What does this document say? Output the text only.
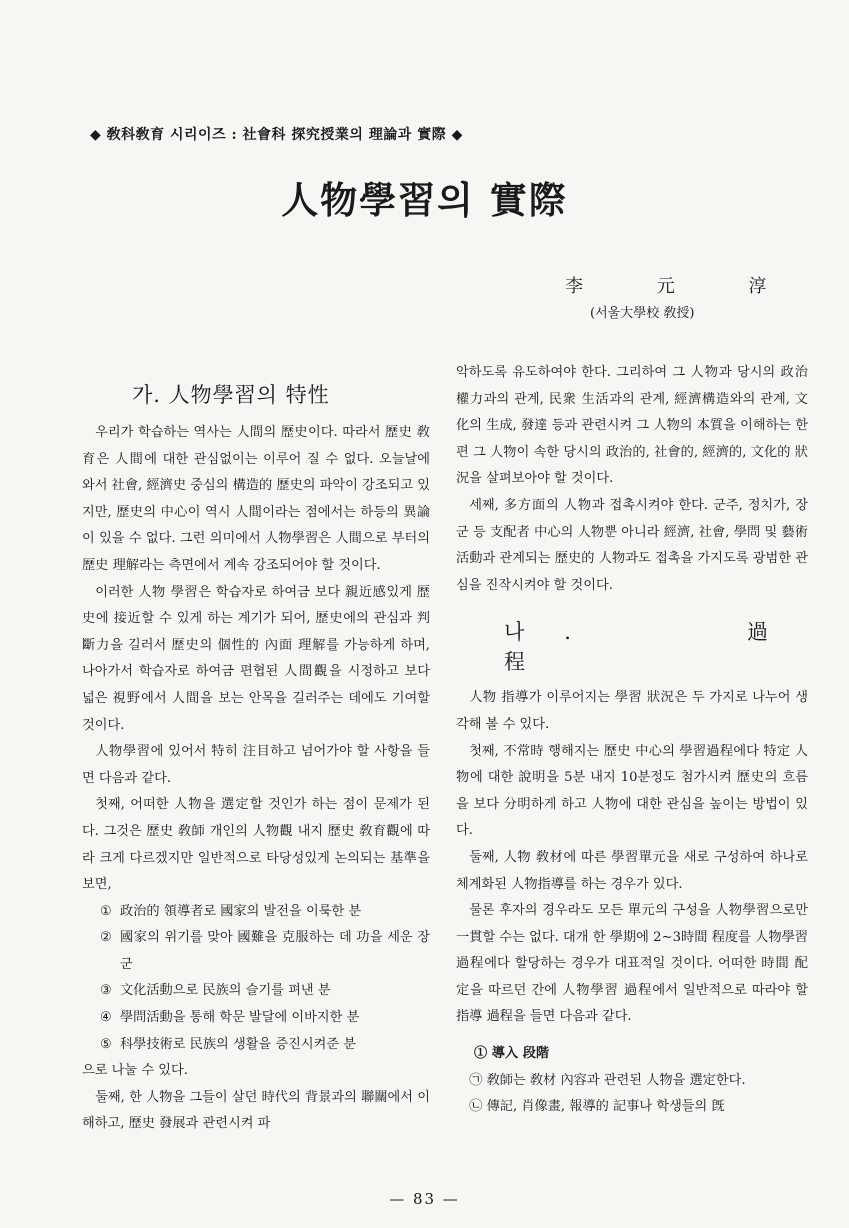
◆ 敎科敎育 시리이즈 : 社會科 探究授業의 理論과 實際 ◆
人物學習의 實際
李 元 淳
(서울大學校 敎授)
가. 人物學習의 特性

우리가 학습하는 역사는 人間의 歷史이다. 따라서 歷史 敎育은 人間에 대한 관심없이는 이루어 질 수 없다. 오늘날에 와서 社會, 經濟史 중심의 構造的 歷史의 파악이 강조되고 있지만, 歷史의 中心이 역시 人間이라는 점에서는 하등의 異論이 있을 수 없다. 그런 의미에서 人物學習은 人間으로 부터의 歷史 理解라는 측면에서 계속 강조되어야 할 것이다.

이러한 人物 學習은 학습자로 하여금 보다 親近感있게 歷史에 接近할 수 있게 하는 계기가 되어, 歷史에의 관심과 判斷力을 길러서 歷史의 個性的 內面 理解를 가능하게 하며, 나아가서 학습자로 하여금 편협된 人間觀을 시정하고 보다 넓은 視野에서 人間을 보는 안목을 길러주는 데에도 기여할 것이다.

人物學習에 있어서 特히 注目하고 넘어가야 할 사항을 들면 다음과 같다.

첫째, 어떠한 人物을 選定할 것인가 하는 점이 문제가 된다. 그것은 歷史 敎師 개인의 人物觀 내지 歷史 敎育觀에 따라 크게 다르겠지만 일반적으로 타당성있게 논의되는 基準을 보면,

① 政治的 領導者로 國家의 발전을 이룩한 분

② 國家의 위기를 맞아 國難을 克服하는 데 功을 세운 장군

③ 文化活動으로 民族의 슬기를 펴낸 분

④ 學問活動을 통해 학문 발달에 이바지한 분

⑤ 科學技術로 民族의 생활을 증진시켜준 분

으로 나눌 수 있다.

둘째, 한 人物을 그들이 살던 時代의 背景과의 聯關에서 이해하고, 歷史 發展과 관련시켜 파

악하도록 유도하여야 한다. 그리하여 그 人物과 당시의 政治 權力과의 관계, 民衆 生活과의 관계, 經濟構造와의 관계, 文化의 生成, 發達 등과 관련시켜 그 人物의 本質을 이해하는 한편 그 人物이 속한 당시의 政治的, 社會的, 經濟的, 文化的 狀況을 살펴보아야 할 것이다.

세째, 多方面의 人物과 접촉시켜야 한다. 군주, 정치가, 장군 등 支配者 中心의 人物뿐 아니라 經濟, 社會, 學問 및 藝術 活動과 관계되는 歷史的 人物과도 접촉을 가지도록 광범한 관심을 진작시켜야 할 것이다.

나. 過 程

人物 指導가 이루어지는 學習 狀況은 두 가지로 나누어 생각해 볼 수 있다.

첫째, 不常時 행해지는 歷史 中心의 學習過程에다 特定 人物에 대한 說明을 5분 내지 10분정도 첨가시켜 歷史의 흐름을 보다 分明하게 하고 人物에 대한 관심을 높이는 방법이 있다.

둘째, 人物 敎材에 따른 學習單元을 새로 구성하여 하나로 체계화된 人物指導를 하는 경우가 있다.

물론 후자의 경우라도 모든 單元의 구성을 人物學習으로만 一貫할 수는 없다. 대개 한 學期에 2∼3時間 程度를 人物學習 過程에다 할당하는 경우가 대표적일 것이다. 어떠한 時間 配定을 따르던 간에 人物學習 過程에서 일반적으로 따라야 할 指導 過程을 들면 다음과 같다.

① 導入 段階

㉠ 敎師는 敎材 內容과 관련된 人物을 選定한다.

㉡ 傳記, 肖像畫, 報導的 記事나 학생들의 旣

— 83 —
